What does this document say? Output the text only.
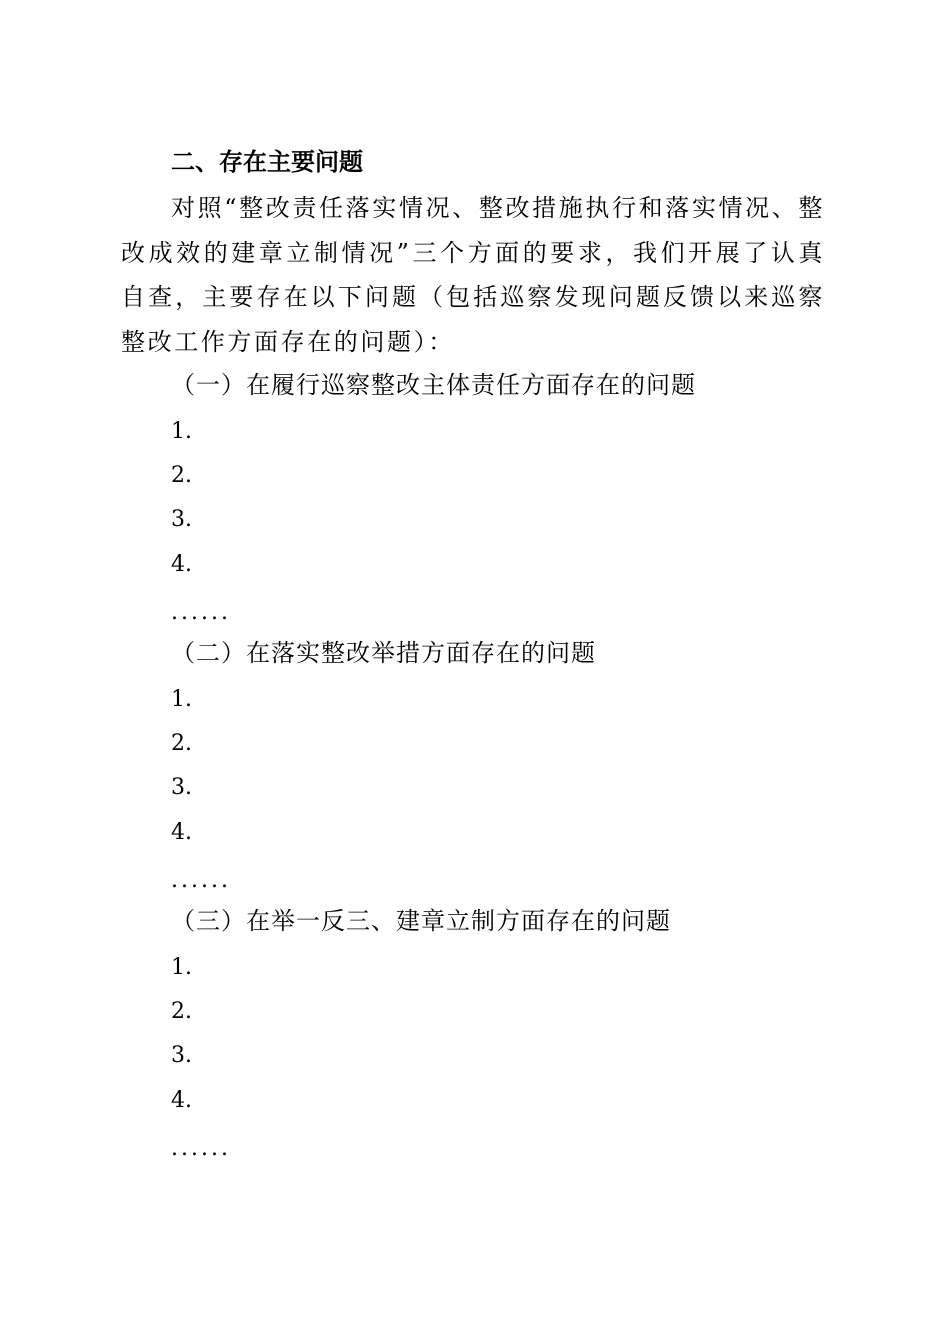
二、存在主要问题

对照“整改责任落实情况、整改措施执行和落实情况、整改成效的建章立制情况”三个方面的要求，我们开展了认真自查，主要存在以下问题（包括巡察发现问题反馈以来巡察整改工作方面存在的问题）：

（一）在履行巡察整改主体责任方面存在的问题
1.
2.
3.
4.
......
（二）在落实整改举措方面存在的问题
1.
2.
3.
4.
......
（三）在举一反三、建章立制方面存在的问题
1.
2.
3.
4.
......
